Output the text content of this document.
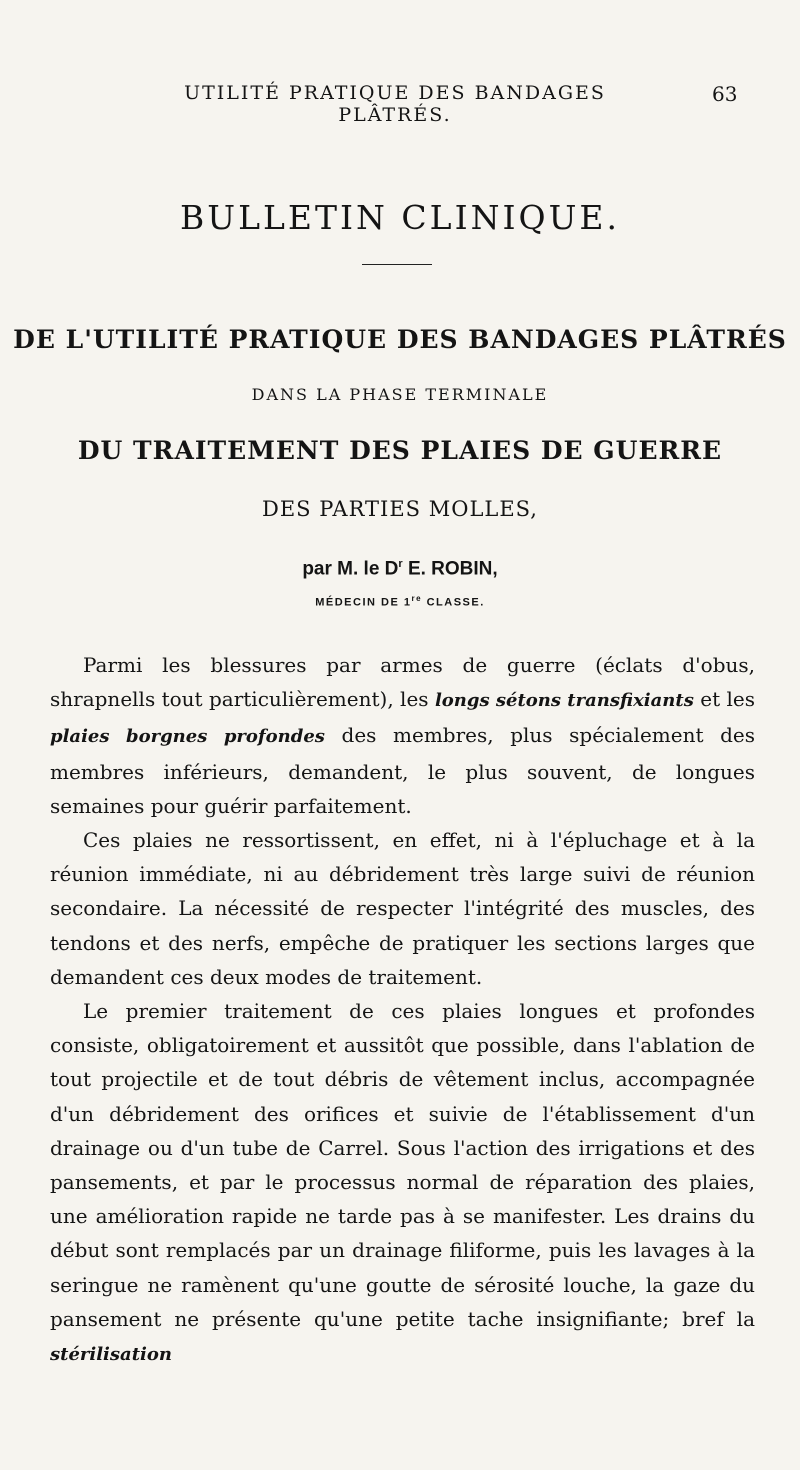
UTILITÉ PRATIQUE DES BANDAGES PLÂTRÉS.
63
BULLETIN CLINIQUE.
DE L'UTILITÉ PRATIQUE DES BANDAGES PLÂTRÉS
DANS LA PHASE TERMINALE
DU TRAITEMENT DES PLAIES DE GUERRE
DES PARTIES MOLLES,
par M. le $D^r$ E. ROBIN,
MÉDECIN DE 1re CLASSE.

Parmi les blessures par armes de guerre (éclats d'obus, shrapnells tout particulièrement), les longs sétons transfixiants et les plaies borgnes profondes des membres, plus spécialement des membres inférieurs, demandent, le plus souvent, de longues semaines pour guérir parfaitement.

Ces plaies ne ressortissent, en effet, ni à l'épluchage et à la réunion immédiate, ni au débridement très large suivi de réunion secondaire. La nécessité de respecter l'intégrité des muscles, des tendons et des nerfs, empêche de pratiquer les sections larges que demandent ces deux modes de traitement.

Le premier traitement de ces plaies longues et profondes consiste, obligatoirement et aussitôt que possible, dans l'ablation de tout projectile et de tout débris de vêtement inclus, accompagnée d'un débridement des orifices et suivie de l'établissement d'un drainage ou d'un tube de Carrel. Sous l'action des irrigations et des pansements, et par le processus normal de réparation des plaies, une amélioration rapide ne tarde pas à se manifester. Les drains du début sont remplacés par un drainage filiforme, puis les lavages à la seringue ne ramènent qu'une goutte de sérosité louche, la gaze du pansement ne présente qu'une petite tache insignifiante; bref la stérilisation
